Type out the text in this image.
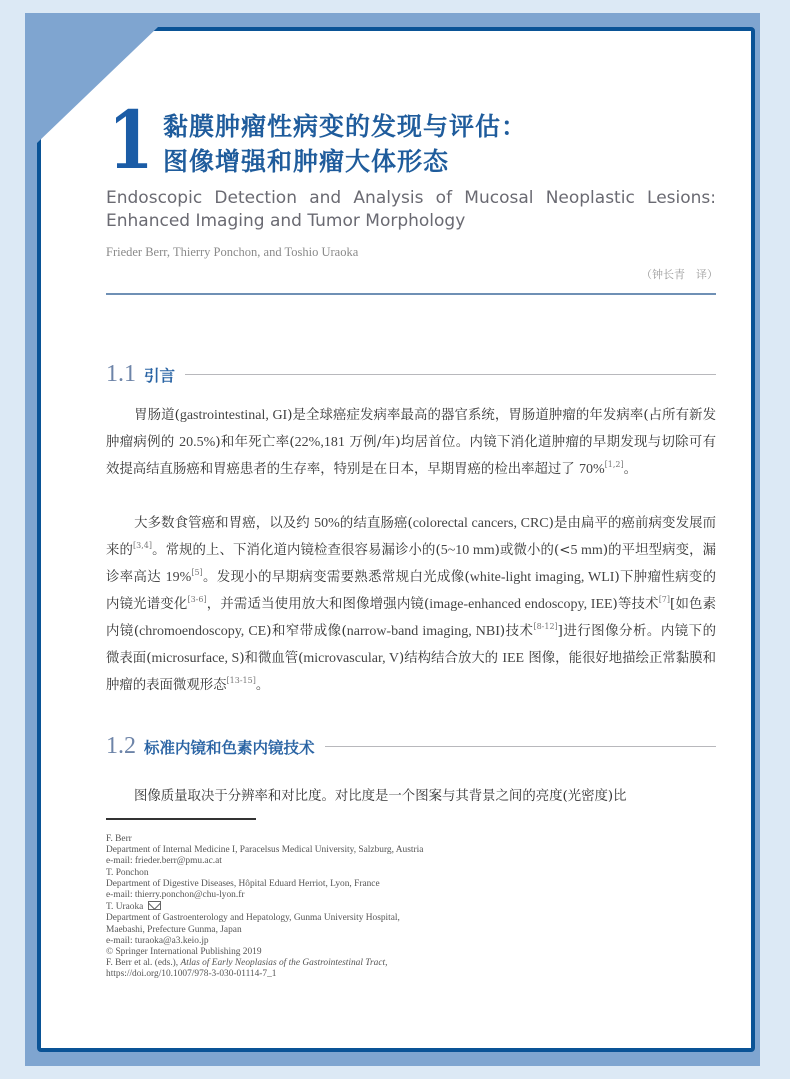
1 黏膜肿瘤性病变的发现与评估：
图像增强和肿瘤大体形态
Endoscopic Detection and Analysis of Mucosal Neoplastic Lesions:
Enhanced Imaging and Tumor Morphology
Frieder Berr, Thierry Ponchon, and Toshio Uraoka
（钟长青　译）
1.1 引言
胃肠道(gastrointestinal, GI)是全球癌症发病率最高的器官系统，胃肠道肿瘤的年发病率(占所有新发肿瘤病例的 20.5%)和年死亡率(22%,181 万例/年)均居首位。内镜下消化道肿瘤的早期发现与切除可有效提高结直肠癌和胃癌患者的生存率，特别是在日本，早期胃癌的检出率超过了 70%[1,2]。
大多数食管癌和胃癌，以及约 50%的结直肠癌(colorectal cancers, CRC)是由扁平的癌前病变发展而来的[3,4]。常规的上、下消化道内镜检查很容易漏诊小的(5~10 mm)或微小的(<5 mm)的平坦型病变，漏诊率高达 19%[5]。发现小的早期病变需要熟悉常规白光成像(white-light imaging, WLI)下肿瘤性病变的内镜光谱变化[3-6]，并需适当使用放大和图像增强内镜(image-enhanced endoscopy, IEE)等技术[7][如色素内镜(chromoendoscopy, CE)和窄带成像(narrow-band imaging, NBI)技术[8-12]]进行图像分析。内镜下的微表面(microsurface, S)和微血管(microvascular, V)结构结合放大的 IEE 图像，能很好地描绘正常黏膜和肿瘤的表面微观形态[13-15]。
1.2 标准内镜和色素内镜技术
图像质量取决于分辨率和对比度。对比度是一个图案与其背景之间的亮度(光密度)比
F. Berr
Department of Internal Medicine I, Paracelsus Medical University, Salzburg, Austria
e-mail: frieder.berr@pmu.ac.at
T. Ponchon
Department of Digestive Diseases, Hôpital Eduard Herriot, Lyon, France
e-mail: thierry.ponchon@chu-lyon.fr
T. Uraoka
Department of Gastroenterology and Hepatology, Gunma University Hospital,
Maebashi, Prefecture Gunma, Japan
e-mail: turaoka@a3.keio.jp
© Springer International Publishing 2019
F. Berr et al. (eds.), Atlas of Early Neoplasias of the Gastrointestinal Tract,
https://doi.org/10.1007/978-3-030-01114-7_1
